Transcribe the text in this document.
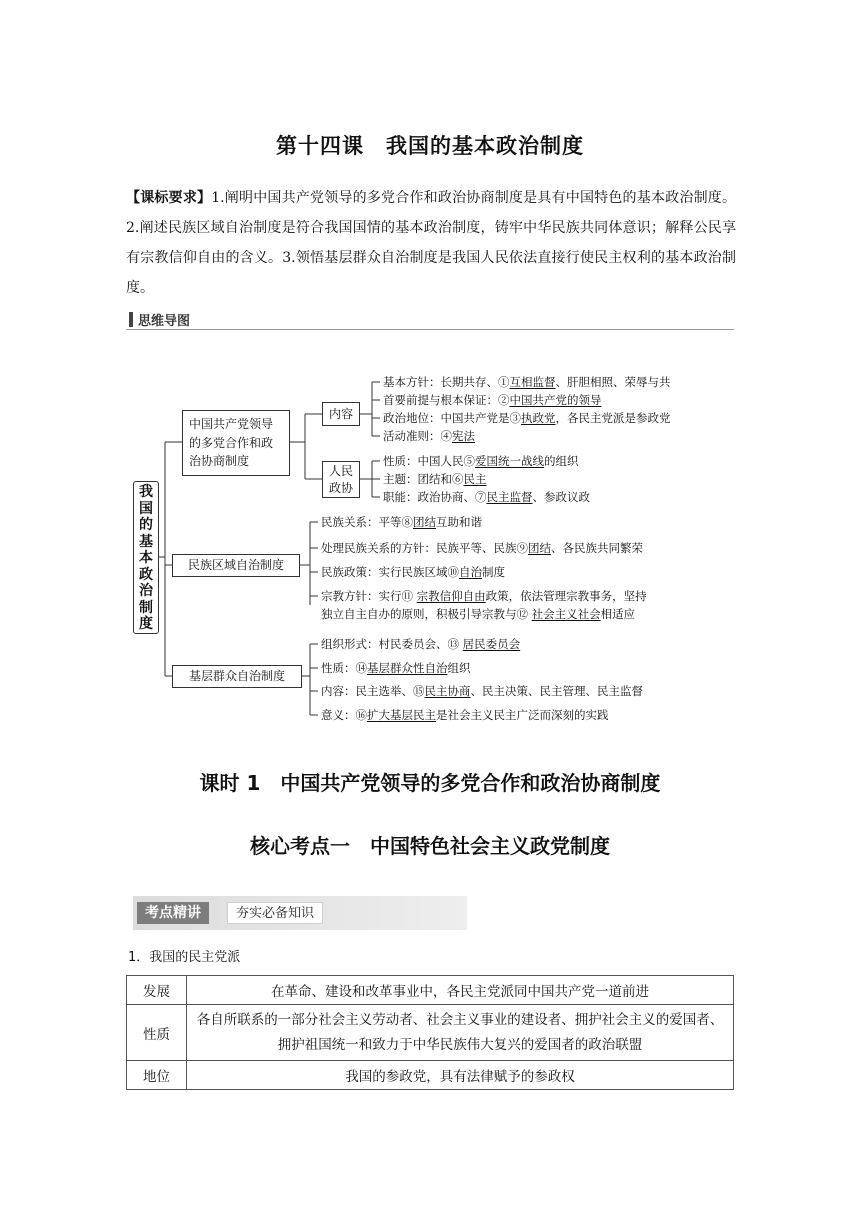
第十四课　我国的基本政治制度
【课标要求】1.阐明中国共产党领导的多党合作和政治协商制度是具有中国特色的基本政治制度。2.阐述民族区域自治制度是符合我国国情的基本政治制度，铸牢中华民族共同体意识；解释公民享有宗教信仰自由的含义。3.领悟基层群众自治制度是我国人民依法直接行使民主权利的基本政治制度。
思维导图
我国的基本政治制度
中国共产党领导的多党合作和政治协商制度
内容
人民政协
基本方针：长期共存、①互相监督、肝胆相照、荣辱与共
首要前提与根本保证：②中国共产党的领导
政治地位：中国共产党是③执政党，各民主党派是参政党
活动准则：④宪法
性质：中国人民⑤爱国统一战线的组织
主题：团结和⑥民主
职能：政治协商、⑦民主监督、参政议政
民族区域自治制度
民族关系：平等⑧团结互助和谐
处理民族关系的方针：民族平等、民族⑨团结、各民族共同繁荣
民族政策：实行民族区域⑩自治制度
宗教方针：实行⑪ 宗教信仰自由政策，依法管理宗教事务，坚持
独立自主自办的原则，积极引导宗教与⑫ 社会主义社会相适应
基层群众自治制度
组织形式：村民委员会、⑬ 居民委员会
性质：⑭基层群众性自治组织
内容：民主选举、⑮民主协商、民主决策、民主管理、民主监督
意义：⑯扩大基层民主是社会主义民主广泛而深刻的实践
课时 1　中国共产党领导的多党合作和政治协商制度
核心考点一　中国特色社会主义政党制度
考点精讲	夯实必备知识
1．我国的民主党派
发展	在革命、建设和改革事业中，各民主党派同中国共产党一道前进
性质	各自所联系的一部分社会主义劳动者、社会主义事业的建设者、拥护社会主义的爱国者、拥护祖国统一和致力于中华民族伟大复兴的爱国者的政治联盟
地位	我国的参政党，具有法律赋予的参政权
